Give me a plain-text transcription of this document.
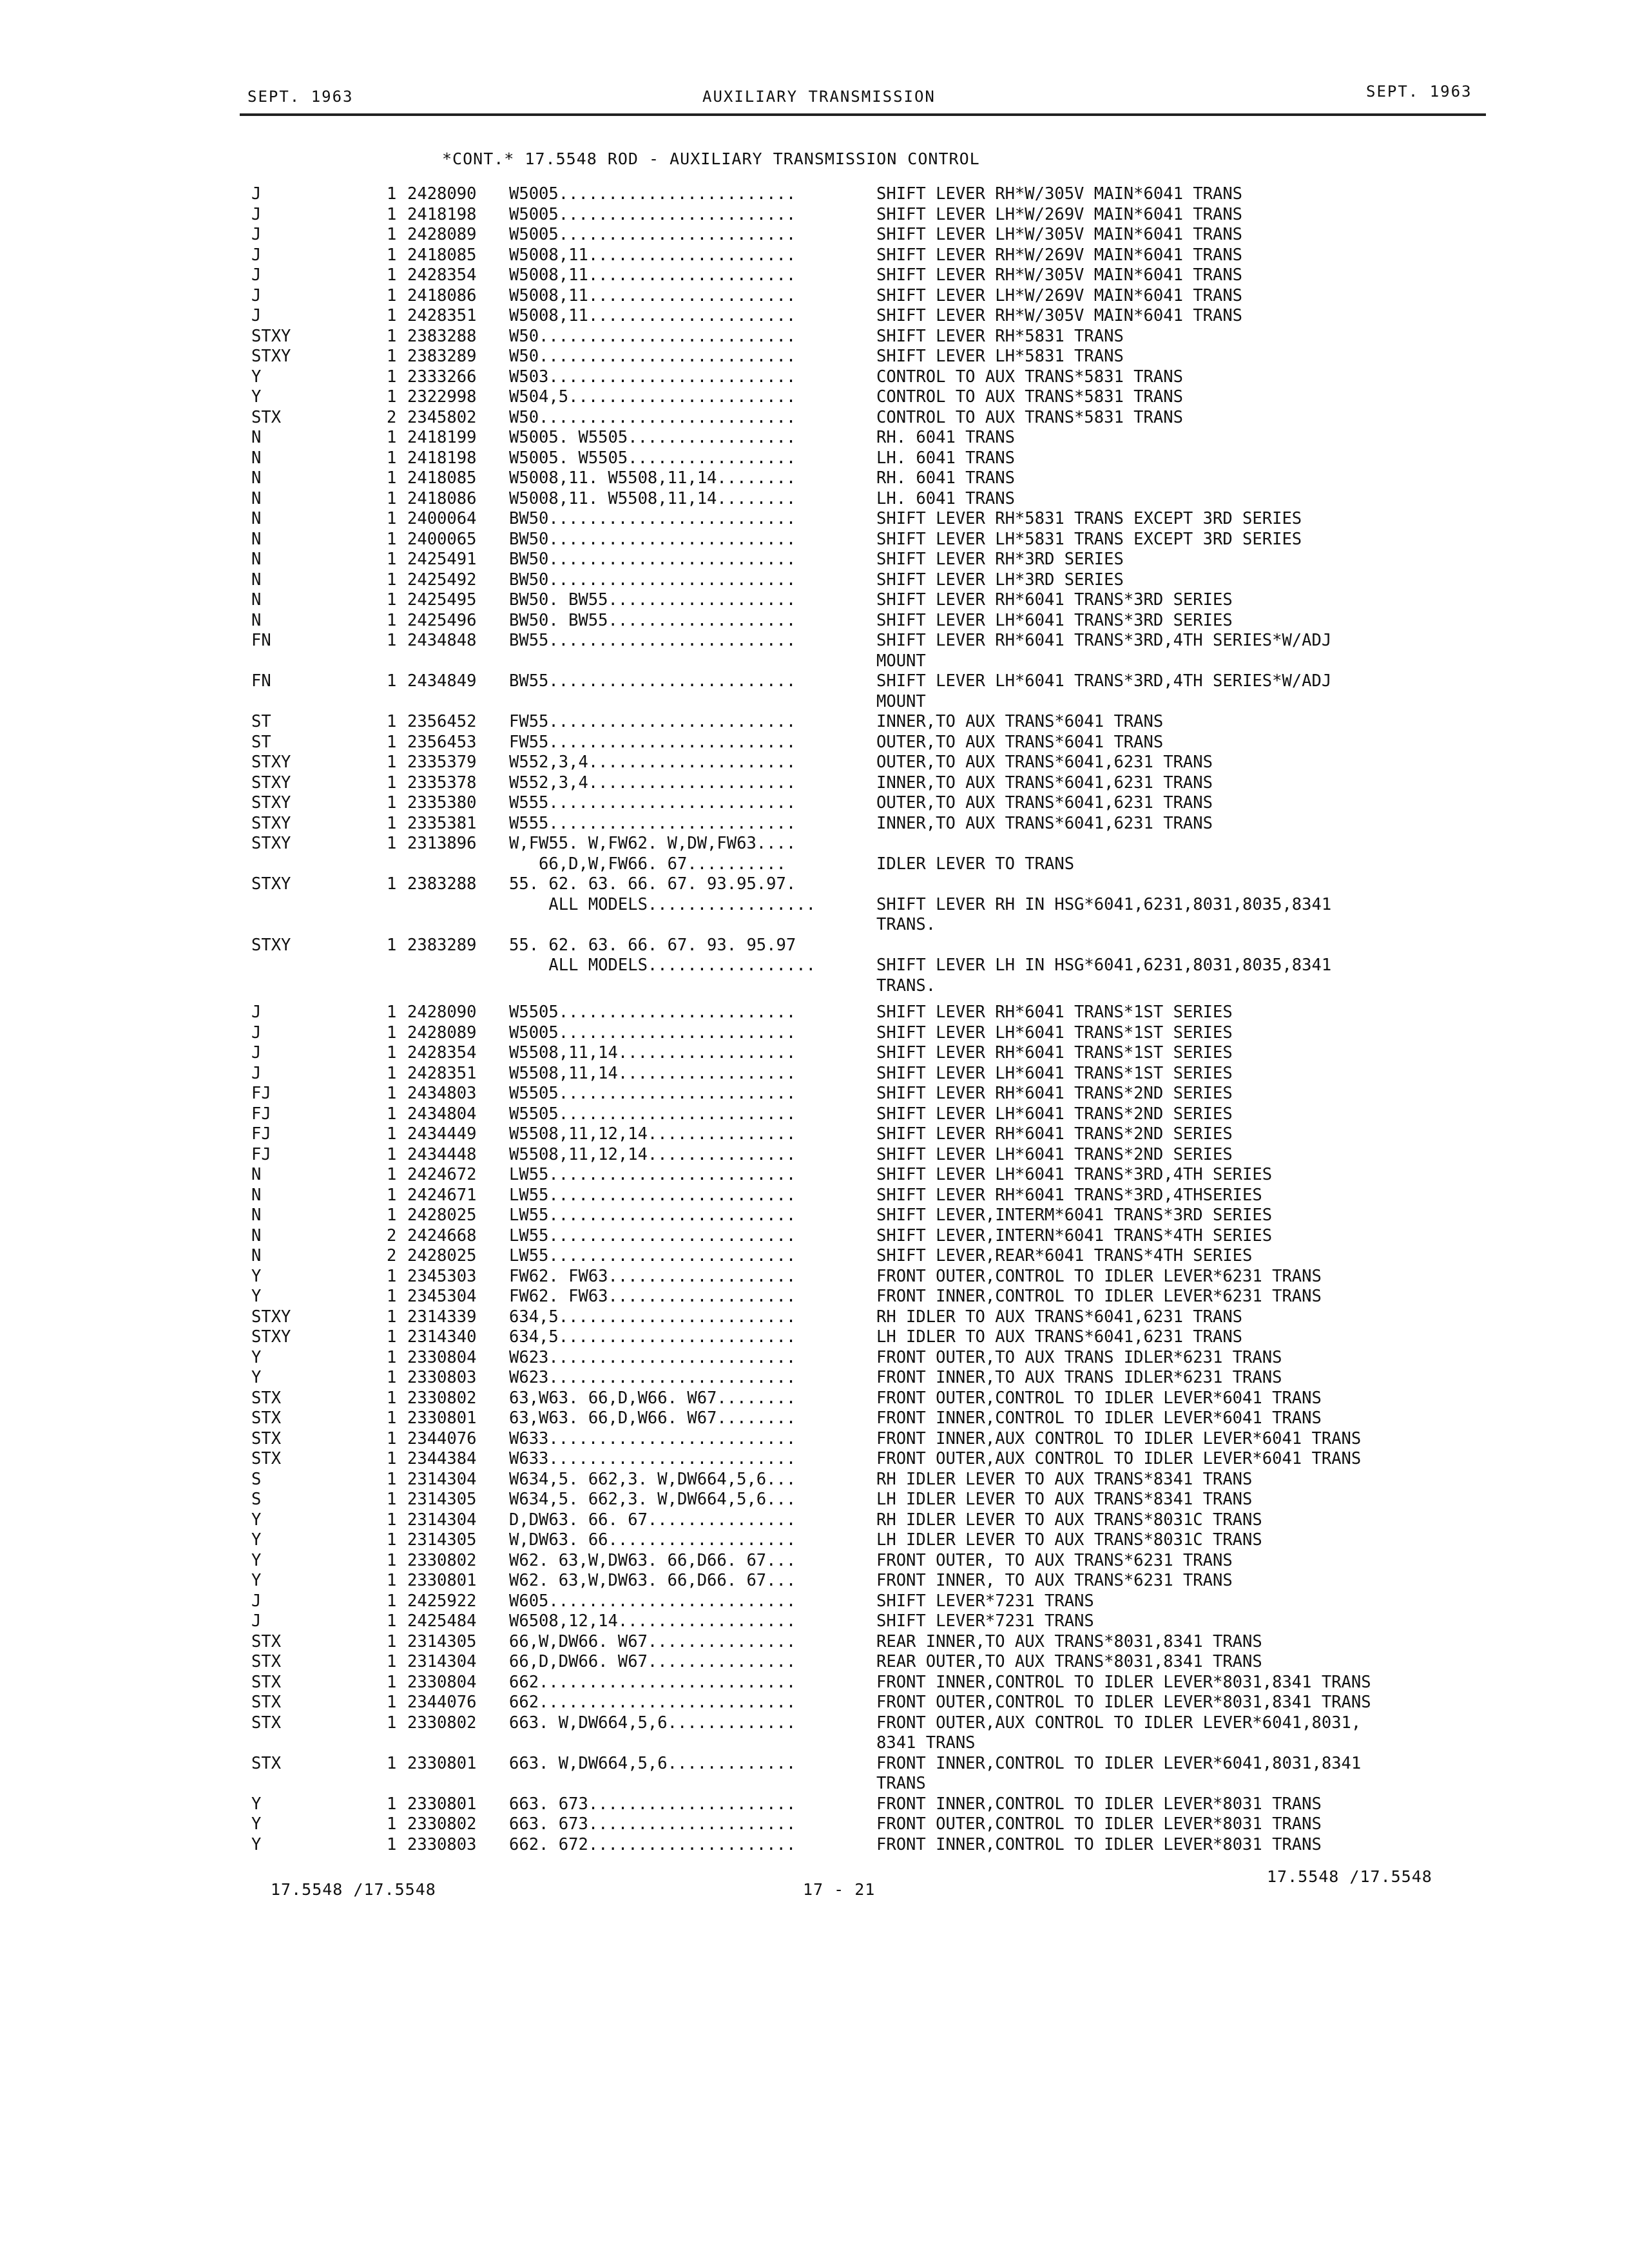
SEPT. 1963	AUXILIARY TRANSMISSION	SEPT. 1963
*CONT.* 17.5548 ROD - AUXILIARY TRANSMISSION CONTROL
J	1 2428090 W5005........................	SHIFT LEVER RH*W/305V MAIN*6041 TRANS
J	1 2418198 W5005........................	SHIFT LEVER LH*W/269V MAIN*6041 TRANS
J	1 2428089 W5005........................	SHIFT LEVER LH*W/305V MAIN*6041 TRANS
J	1 2418085 W5008,11.....................	SHIFT LEVER RH*W/269V MAIN*6041 TRANS
J	1 2428354 W5008,11.....................	SHIFT LEVER RH*W/305V MAIN*6041 TRANS
J	1 2418086 W5008,11.....................	SHIFT LEVER LH*W/269V MAIN*6041 TRANS
J	1 2428351 W5008,11.....................	SHIFT LEVER RH*W/305V MAIN*6041 TRANS
STXY	1 2383288 W50..........................	SHIFT LEVER RH*5831 TRANS
STXY	1 2383289 W50..........................	SHIFT LEVER LH*5831 TRANS
Y	1 2333266 W503.........................	CONTROL TO AUX TRANS*5831 TRANS
Y	1 2322998 W504,5.......................	CONTROL TO AUX TRANS*5831 TRANS
STX	2 2345802 W50..........................	CONTROL TO AUX TRANS*5831 TRANS
N	1 2418199 W5005. W5505.................	RH. 6041 TRANS
N	1 2418198 W5005. W5505.................	LH. 6041 TRANS
N	1 2418085 W5008,11. W5508,11,14........	RH. 6041 TRANS
N	1 2418086 W5008,11. W5508,11,14........	LH. 6041 TRANS
N	1 2400064 BW50.........................	SHIFT LEVER RH*5831 TRANS EXCEPT 3RD SERIES
N	1 2400065 BW50.........................	SHIFT LEVER LH*5831 TRANS EXCEPT 3RD SERIES
N	1 2425491 BW50.........................	SHIFT LEVER RH*3RD SERIES
N	1 2425492 BW50.........................	SHIFT LEVER LH*3RD SERIES
N	1 2425495 BW50. BW55...................	SHIFT LEVER RH*6041 TRANS*3RD SERIES
N	1 2425496 BW50. BW55...................	SHIFT LEVER LH*6041 TRANS*3RD SERIES
FN	1 2434848 BW55.........................	SHIFT LEVER RH*6041 TRANS*3RD,4TH SERIES*W/ADJ
MOUNT
FN	1 2434849 BW55.........................	SHIFT LEVER LH*6041 TRANS*3RD,4TH SERIES*W/ADJ
MOUNT
ST	1 2356452 FW55.........................	INNER,TO AUX TRANS*6041 TRANS
ST	1 2356453 FW55.........................	OUTER,TO AUX TRANS*6041 TRANS
STXY	1 2335379 W552,3,4.....................	OUTER,TO AUX TRANS*6041,6231 TRANS
STXY	1 2335378 W552,3,4.....................	INNER,TO AUX TRANS*6041,6231 TRANS
STXY	1 2335380 W555.........................	OUTER,TO AUX TRANS*6041,6231 TRANS
STXY	1 2335381 W555.........................	INNER,TO AUX TRANS*6041,6231 TRANS
STXY	1 2313896 W,FW55. W,FW62. W,DW,FW63....
66,D,W,FW66. 67..........	IDLER LEVER TO TRANS
STXY	1 2383288 55. 62. 63. 66. 67. 93.95.97.
ALL MODELS.................	SHIFT LEVER RH IN HSG*6041,6231,8031,8035,8341
TRANS.
STXY	1 2383289 55. 62. 63. 66. 67. 93. 95.97
ALL MODELS.................	SHIFT LEVER LH IN HSG*6041,6231,8031,8035,8341
TRANS.
J	1 2428090 W5505........................	SHIFT LEVER RH*6041 TRANS*1ST SERIES
J	1 2428089 W5005........................	SHIFT LEVER LH*6041 TRANS*1ST SERIES
J	1 2428354 W5508,11,14..................	SHIFT LEVER RH*6041 TRANS*1ST SERIES
J	1 2428351 W5508,11,14..................	SHIFT LEVER LH*6041 TRANS*1ST SERIES
FJ	1 2434803 W5505........................	SHIFT LEVER RH*6041 TRANS*2ND SERIES
FJ	1 2434804 W5505........................	SHIFT LEVER LH*6041 TRANS*2ND SERIES
FJ	1 2434449 W5508,11,12,14...............	SHIFT LEVER RH*6041 TRANS*2ND SERIES
FJ	1 2434448 W5508,11,12,14...............	SHIFT LEVER LH*6041 TRANS*2ND SERIES
N	1 2424672 LW55.........................	SHIFT LEVER LH*6041 TRANS*3RD,4TH SERIES
N	1 2424671 LW55.........................	SHIFT LEVER RH*6041 TRANS*3RD,4THSERIES
N	1 2428025 LW55.........................	SHIFT LEVER,INTERM*6041 TRANS*3RD SERIES
N	2 2424668 LW55.........................	SHIFT LEVER,INTERN*6041 TRANS*4TH SERIES
N	2 2428025 LW55.........................	SHIFT LEVER,REAR*6041 TRANS*4TH SERIES
Y	1 2345303 FW62. FW63...................	FRONT OUTER,CONTROL TO IDLER LEVER*6231 TRANS
Y	1 2345304 FW62. FW63...................	FRONT INNER,CONTROL TO IDLER LEVER*6231 TRANS
STXY	1 2314339 634,5........................	RH IDLER TO AUX TRANS*6041,6231 TRANS
STXY	1 2314340 634,5........................	LH IDLER TO AUX TRANS*6041,6231 TRANS
Y	1 2330804 W623.........................	FRONT OUTER,TO AUX TRANS IDLER*6231 TRANS
Y	1 2330803 W623.........................	FRONT INNER,TO AUX TRANS IDLER*6231 TRANS
STX	1 2330802 63,W63. 66,D,W66. W67........	FRONT OUTER,CONTROL TO IDLER LEVER*6041 TRANS
STX	1 2330801 63,W63. 66,D,W66. W67........	FRONT INNER,CONTROL TO IDLER LEVER*6041 TRANS
STX	1 2344076 W633.........................	FRONT INNER,AUX CONTROL TO IDLER LEVER*6041 TRANS
STX	1 2344384 W633.........................	FRONT OUTER,AUX CONTROL TO IDLER LEVER*6041 TRANS
S	1 2314304 W634,5. 662,3. W,DW664,5,6...	RH IDLER LEVER TO AUX TRANS*8341 TRANS
S	1 2314305 W634,5. 662,3. W,DW664,5,6...	LH IDLER LEVER TO AUX TRANS*8341 TRANS
Y	1 2314304 D,DW63. 66. 67...............	RH IDLER LEVER TO AUX TRANS*8031C TRANS
Y	1 2314305 W,DW63. 66...................	LH IDLER LEVER TO AUX TRANS*8031C TRANS
Y	1 2330802 W62. 63,W,DW63. 66,D66. 67...	FRONT OUTER, TO AUX TRANS*6231 TRANS
Y	1 2330801 W62. 63,W,DW63. 66,D66. 67...	FRONT INNER, TO AUX TRANS*6231 TRANS
J	1 2425922 W605.........................	SHIFT LEVER*7231 TRANS
J	1 2425484 W6508,12,14..................	SHIFT LEVER*7231 TRANS
STX	1 2314305 66,W,DW66. W67...............	REAR INNER,TO AUX TRANS*8031,8341 TRANS
STX	1 2314304 66,D,DW66. W67...............	REAR OUTER,TO AUX TRANS*8031,8341 TRANS
STX	1 2330804 662..........................	FRONT INNER,CONTROL TO IDLER LEVER*8031,8341 TRANS
STX	1 2344076 662..........................	FRONT OUTER,CONTROL TO IDLER LEVER*8031,8341 TRANS
STX	1 2330802 663. W,DW664,5,6.............	FRONT OUTER,AUX CONTROL TO IDLER LEVER*6041,8031,
8341 TRANS
STX	1 2330801 663. W,DW664,5,6.............	FRONT INNER,CONTROL TO IDLER LEVER*6041,8031,8341
TRANS
Y	1 2330801 663. 673.....................	FRONT INNER,CONTROL TO IDLER LEVER*8031 TRANS
Y	1 2330802 663. 673.....................	FRONT OUTER,CONTROL TO IDLER LEVER*8031 TRANS
Y	1 2330803 662. 672.....................	FRONT INNER,CONTROL TO IDLER LEVER*8031 TRANS
17.5548 /17.5548	17 - 21
17.5548 /17.5548
